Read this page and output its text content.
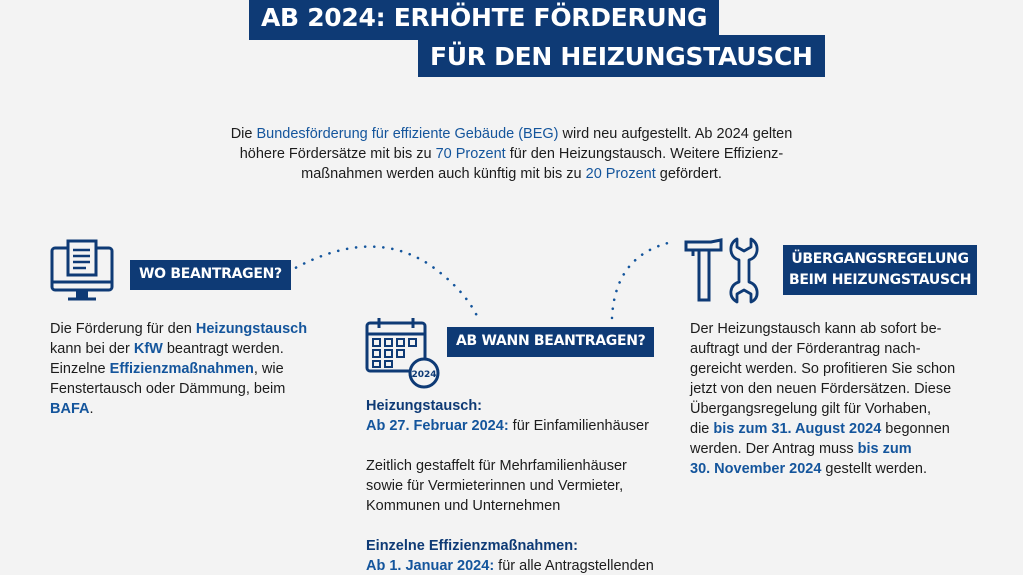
AB 2024: ERHÖHTE FÖRDERUNG
FÜR DEN HEIZUNGSTAUSCH
Die Bundesförderung für effiziente Gebäude (BEG) wird neu aufgestellt. Ab 2024 gelten
höhere Fördersätze mit bis zu 70 Prozent für den Heizungstausch. Weitere Effizienz-
maßnahmen werden auch künftig mit bis zu 20 Prozent gefördert.
2024
WO BEANTRAGEN?
AB WANN BEANTRAGEN?
ÜBERGANGSREGELUNG
BEIM HEIZUNGSTAUSCH
Die Förderung für den Heizungstausch
kann bei der KfW beantragt werden.
Einzelne Effizienzmaßnahmen, wie
Fenstertausch oder Dämmung, beim
BAFA.	Heizungstausch:
Ab 27. Februar 2024: für Einfamilienhäuser
Zeitlich gestaffelt für Mehrfamilienhäuser
sowie für Vermieterinnen und Vermieter,
Kommunen und Unternehmen
Einzelne Effizienzmaßnahmen:
Ab 1. Januar 2024: für alle Antragstellenden
Der Heizungstausch kann ab sofort be-
auftragt und der Förderantrag nach-
gereicht werden. So profitieren Sie schon
jetzt von den neuen Fördersätzen. Diese
Übergangsregelung gilt für Vorhaben,
die bis zum 31. August 2024 begonnen
werden. Der Antrag muss bis zum
30. November 2024 gestellt werden.
